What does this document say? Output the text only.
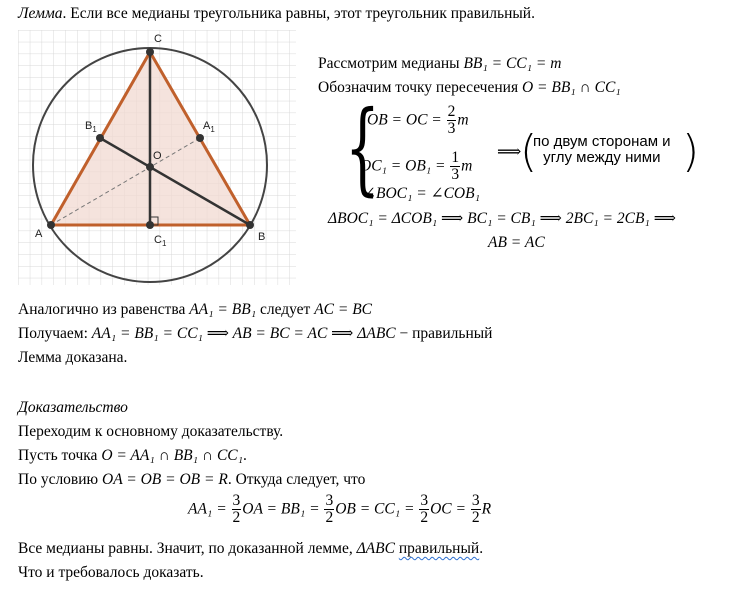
Лемма. Если все медианы треугольника равны, этот треугольник правильный.
A	B
C
O
$B_1$	$A_1$
$C_1$
Рассмотрим медианы BB₁ = CC₁ = m
Обозначим точку пересечения O = BB₁ ∩ CC₁
{
OB = OC = $\frac{2}{3}$ m
$OC_1 = OB_1 = \frac{1}{3}$ m
∠BOC₁ = ∠COB₁
⟹
(
по двум сторонам и
углу между ними )
ΔBOC₁ = ΔCOB₁ ⟹ BC₁ = CB₁ ⟹ 2BC₁ = 2CB₁ ⟹
AB = AC
Аналогично из равенства AA₁ = BB₁ следует AC = BC
Получаем: AA₁ = BB₁ = CC₁ ⟹ AB = BC = AC ⟹ ΔABC − правильный
Лемма доказана.
Доказательство
Переходим к основному доказательству.
Пусть точка O = AA₁ ∩ BB₁ ∩ CC₁.
По условию OA = OB = OB = R. Откуда следует, что
$AA_1 = \frac{3}{2}$ OA = $BB_1 = \frac{3}{2}$ OB = $CC_1 = \frac{3}{2}$ OC = $\frac{3}{2}$ R
Все медианы равны. Значит, по доказанной лемме, ΔABC правильный.
Что и требовалось доказать.
